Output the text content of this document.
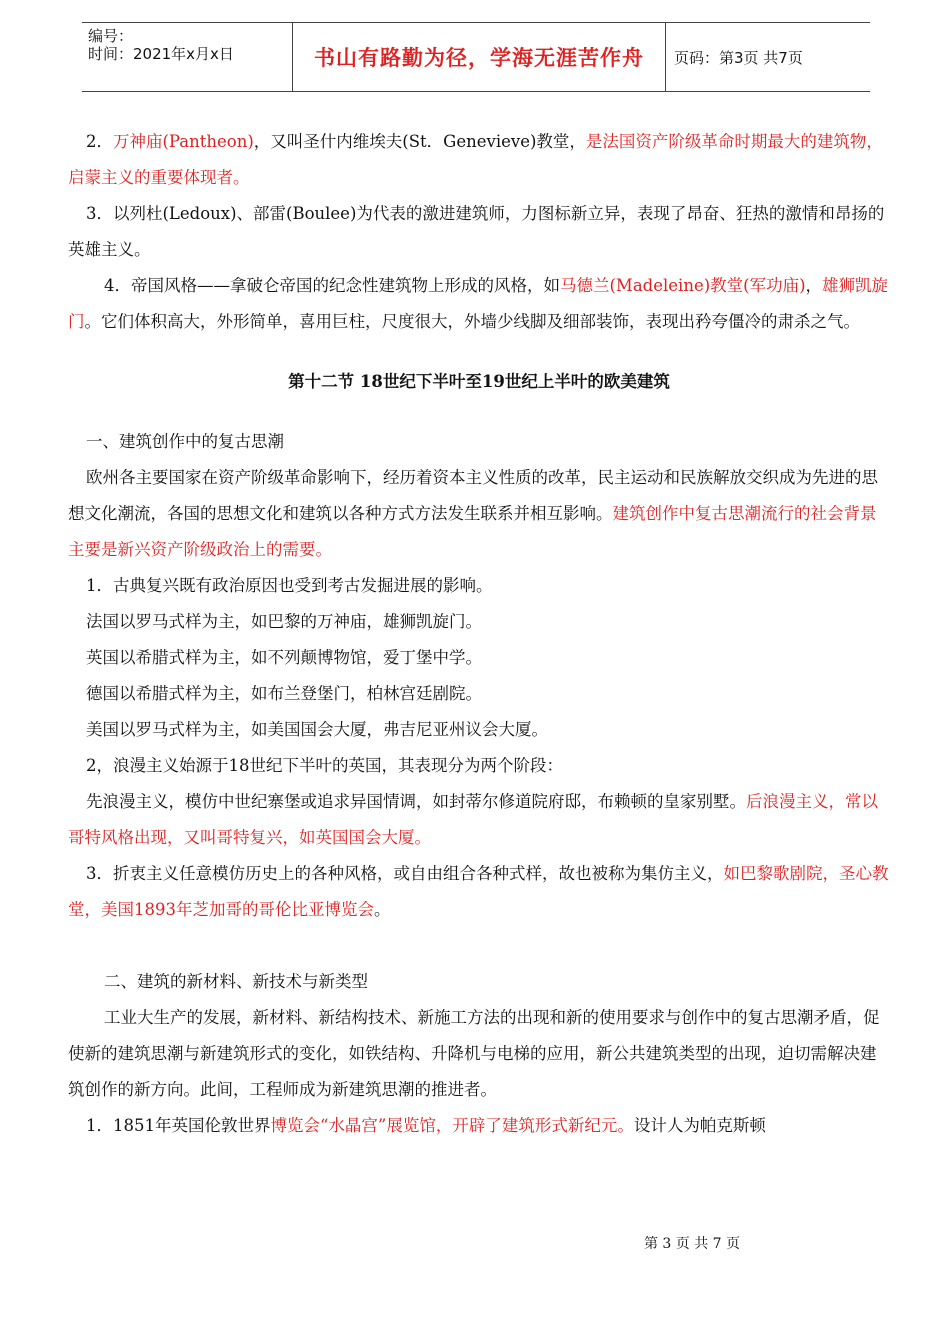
编号：
时间：2021年x月x日	书山有路勤为径，学海无涯苦作舟	页码：第3页 共7页

2．万神庙(Pantheon)，又叫圣什内维埃夫(St．Genevieve)教堂，是法国资产阶级革命时期最大的建筑物，启蒙主义的重要体现者。

3．以列杜(Ledoux)、部雷(Boulee)为代表的激进建筑师，力图标新立异，表现了昂奋、狂热的激情和昂扬的英雄主义。

4．帝国风格——拿破仑帝国的纪念性建筑物上形成的风格，如马德兰(Madeleine)教堂(军功庙)，雄狮凯旋门。它们体积高大，外形简单，喜用巨柱，尺度很大，外墙少线脚及细部装饰，表现出矜夸僵冷的肃杀之气。

第十二节 18世纪下半叶至19世纪上半叶的欧美建筑

一、建筑创作中的复古思潮

欧州各主要国家在资产阶级革命影响下，经历着资本主义性质的改革，民主运动和民族解放交织成为先进的思想文化潮流，各国的思想文化和建筑以各种方式方法发生联系并相互影响。建筑创作中复古思潮流行的社会背景主要是新兴资产阶级政治上的需要。

1．古典复兴既有政治原因也受到考古发掘进展的影响。

法国以罗马式样为主，如巴黎的万神庙，雄狮凯旋门。

英国以希腊式样为主，如不列颠博物馆，爱丁堡中学。

德国以希腊式样为主，如布兰登堡门，柏林宫廷剧院。

美国以罗马式样为主，如美国国会大厦，弗吉尼亚州议会大厦。

2，浪漫主义始源于18世纪下半叶的英国，其表现分为两个阶段：

先浪漫主义，模仿中世纪寨堡或追求异国情调，如封蒂尔修道院府邸，布赖顿的皇家别墅。后浪漫主义，常以哥特风格出现，又叫哥特复兴，如英国国会大厦。

3．折衷主义任意模仿历史上的各种风格，或自由组合各种式样，故也被称为集仿主义，如巴黎歌剧院，圣心教堂，美国1893年芝加哥的哥伦比亚博览会。

二、建筑的新材料、新技术与新类型

工业大生产的发展，新材料、新结构技术、新施工方法的出现和新的使用要求与创作中的复古思潮矛盾，促使新的建筑思潮与新建筑形式的变化，如铁结构、升降机与电梯的应用，新公共建筑类型的出现，迫切需解决建筑创作的新方向。此间，工程师成为新建筑思潮的推进者。

1．1851年英国伦敦世界博览会“水晶宫”展览馆，开辟了建筑形式新纪元。设计人为帕克斯顿

第 3 页 共 7 页
